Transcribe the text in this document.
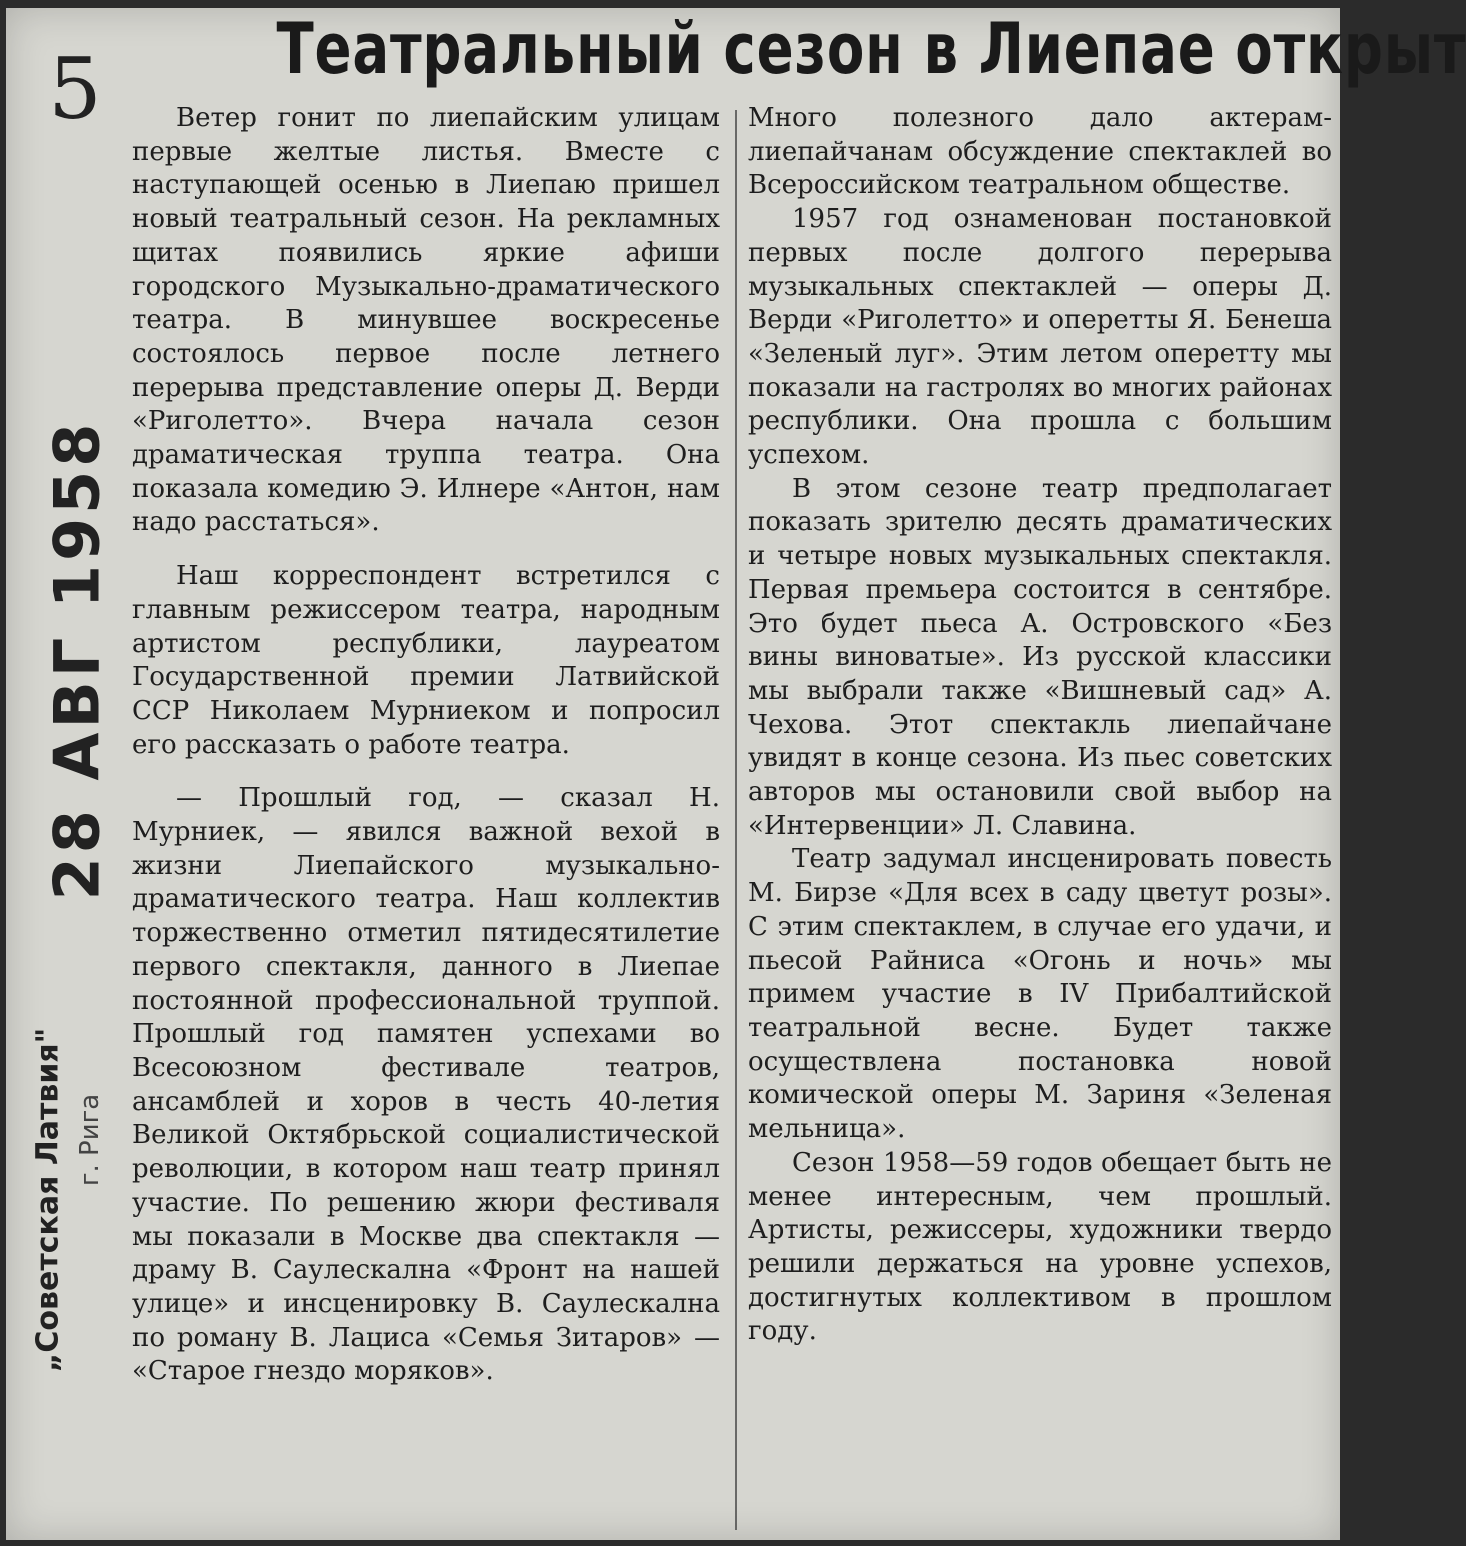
5 Театральный сезон в Лиепае открыт
28 АВГ 1958
„Советская Латвия" г. Рига

Ветер гонит по лиепайским улицам первые желтые листья. Вместе с наступающей осенью в Лиепаю пришел новый театральный сезон. На рекламных щитах появились яркие афиши городского Музыкально-драматического театра. В минувшее воскресенье состоялось первое после летнего перерыва представление оперы Д. Верди «Риголетто». Вчера начала сезон драматическая труппа театра. Она показала комедию Э. Илнере «Антон, нам надо расстаться».

Наш корреспондент встретился с главным режиссером театра, народным артистом республики, лауреатом Государственной премии Латвийской ССР Николаем Мурниеком и попросил его рассказать о работе театра.

— Прошлый год, — сказал Н. Мурниек, — явился важной вехой в жизни Лиепайского музыкально-драматического театра. Наш коллектив торжественно отметил пятидесятилетие первого спектакля, данного в Лиепае постоянной профессиональной труппой. Прошлый год памятен успехами во Всесоюзном фестивале театров, ансамблей и хоров в честь 40-летия Великой Октябрьской социалистической революции, в котором наш театр принял участие. По решению жюри фестиваля мы показали в Москве два спектакля — драму В. Саулескална «Фронт на нашей улице» и инсценировку В. Саулескална по роману В. Лациса «Семья Зитаров» — «Старое гнездо моряков».

Много полезного дало актерам-лиепайчанам обсуждение спектаклей во Всероссийском театральном обществе.

1957 год ознаменован постановкой первых после долгого перерыва музыкальных спектаклей — оперы Д. Верди «Риголетто» и оперетты Я. Бенеша «Зеленый луг». Этим летом оперетту мы показали на гастролях во многих районах республики. Она прошла с большим успехом.

В этом сезоне театр предполагает показать зрителю десять драматических и четыре новых музыкальных спектакля. Первая премьера состоится в сентябре. Это будет пьеса А. Островского «Без вины виноватые». Из русской классики мы выбрали также «Вишневый сад» А. Чехова. Этот спектакль лиепайчане увидят в конце сезона. Из пьес советских авторов мы остановили свой выбор на «Интервенции» Л. Славина.

Театр задумал инсценировать повесть М. Бирзе «Для всех в саду цветут розы». С этим спектаклем, в случае его удачи, и пьесой Райниса «Огонь и ночь» мы примем участие в IV Прибалтийской театральной весне. Будет также осуществлена постановка новой комической оперы М. Зариня «Зеленая мельница».

Сезон 1958—59 годов обещает быть не менее интересным, чем прошлый. Артисты, режиссеры, художники твердо решили держаться на уровне успехов, достигнутых коллективом в прошлом году.
